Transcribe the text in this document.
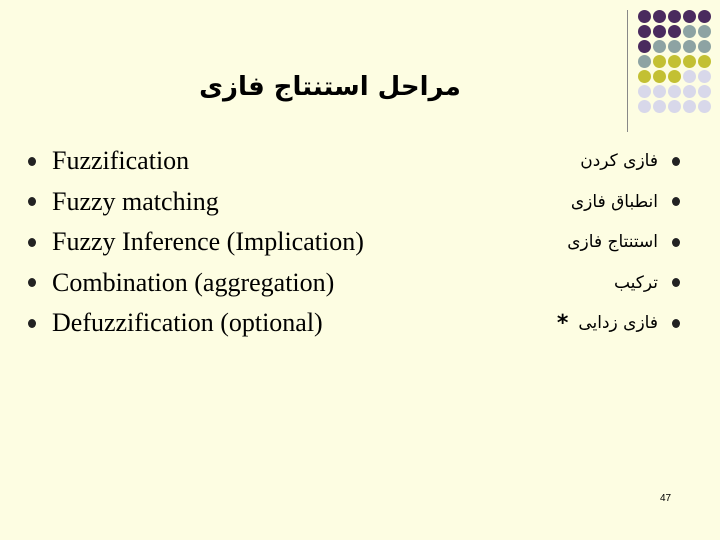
مراحل استنتاج فازی
Fuzzification
Fuzzy matching
Fuzzy Inference (Implication)
Combination (aggregation)
Defuzzification (optional)
فازی کردن
انطباق فازی
استنتاج فازی
ترکیب
* فازی زدایی
47
